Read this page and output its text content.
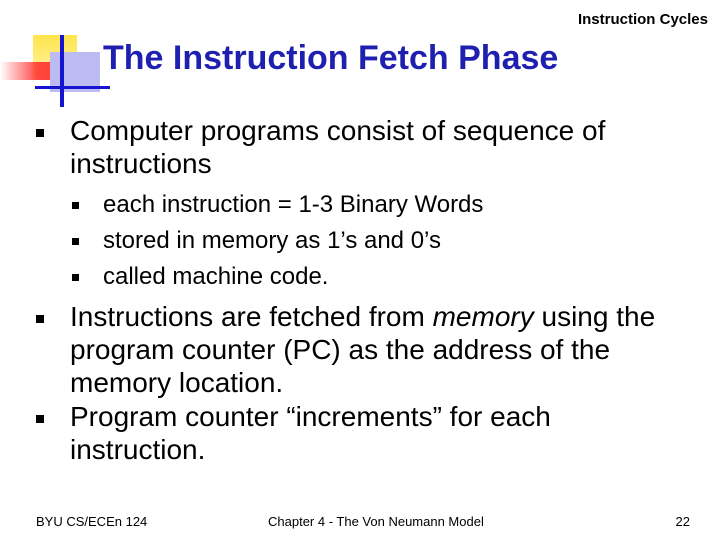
Instruction Cycles
The Instruction Fetch Phase
Computer programs consist of sequence of instructions
each instruction = 1-3 Binary Words
stored in memory as 1’s and 0’s
called machine code.
Instructions are fetched from memory using the program counter (PC) as the address of the memory location.
Program counter “increments” for each instruction.
BYU CS/ECEn 124	Chapter 4 - The Von Neumann Model	22
